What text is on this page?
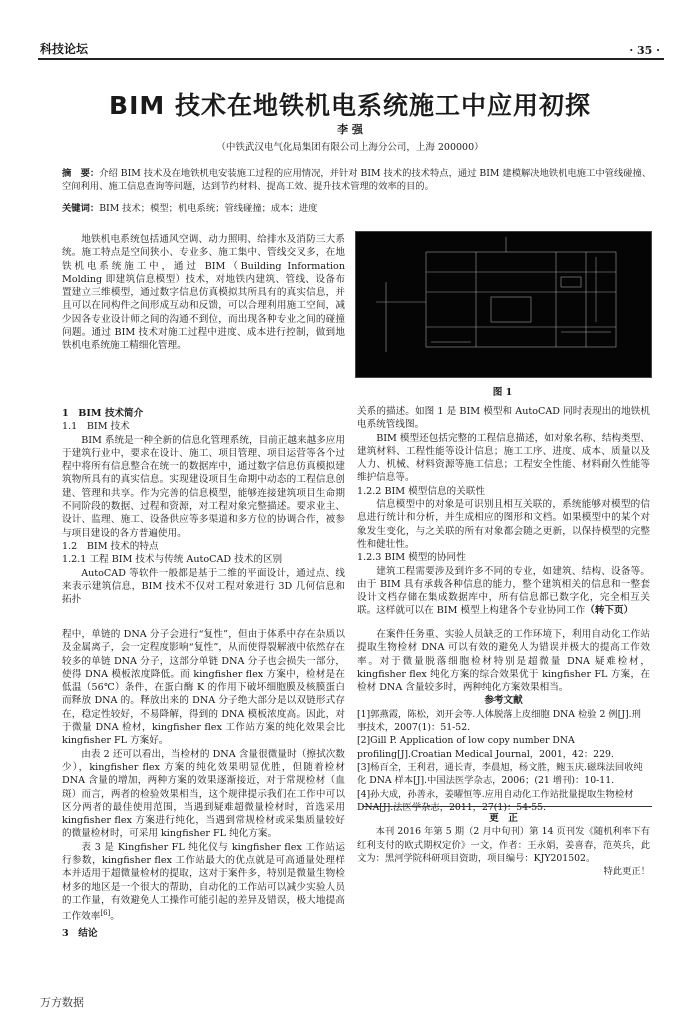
科技论坛	· 35 ·
BIM 技术在地铁机电系统施工中应用初探
李 强
（中铁武汉电气化局集团有限公司上海分公司，上海 200000）
摘　要：介绍 BIM 技术及在地铁机电安装施工过程的应用情况，并针对 BIM 技术的技术特点，通过 BIM 建模解决地铁机电施工中管线碰撞、空间利用、施工信息查询等问题，达到节约材料、提高工效、提升技术管理的效率的目的。
关键词：BIM 技术；模型；机电系统；管线碰撞；成本；进度

地铁机电系统包括通风空调、动力照明、给排水及消防三大系统。施工特点是空间狭小、专业多、施工集中、管线交叉多，在地铁机电系统施工中，通过 BIM（Building Information Molding 即建筑信息模型）技术，对地铁内建筑、管线、设备布置建立三维模型，通过数字信息仿真模拟其所具有的真实信息，并且可以在同构件之间形成互动和反馈，可以合理利用施工空间，减少因各专业设计师之间的沟通不到位，而出现各种专业之间的碰撞问题。通过 BIM 技术对施工过程中进度、成本进行控制，做到地铁机电系统施工精细化管理。

图 1

1　BIM 技术简介

1.1　BIM 技术

BIM 系统是一种全新的信息化管理系统，目前正越来越多应用于建筑行业中，要求在设计、施工、项目管理、项目运营等各个过程中将所有信息整合在统一的数据库中，通过数字信息仿真模拟建筑物所具有的真实信息。实现建设项目生命期中动态的工程信息创建、管理和共享。作为完善的信息模型，能够连接建筑项目生命期不同阶段的数据、过程和资源，对工程对象完整描述。要求业主、设计、监理、施工、设备供应等多渠道和多方位的协调合作，被参与项目建设的各方普遍使用。

1.2　BIM 技术的特点

1.2.1 工程 BIM 技术与传统 AutoCAD 技术的区别

AutoCAD 等软件一般都是基于二维的平面设计，通过点、线来表示建筑信息，BIM 技术不仅对工程对象进行 3D 几何信息和拓扑

关系的描述。如图 1 是 BIM 模型和 AutoCAD 同时表现出的地铁机电系统管线图。

BIM 模型还包括完整的工程信息描述，如对象名称、结构类型、建筑材料、工程性能等设计信息；施工工序、进度、成本、质量以及人力、机械、材料资源等施工信息；工程安全性能、材料耐久性能等维护信息等。

1.2.2 BIM 模型信息的关联性

信息模型中的对象是可识别且相互关联的，系统能够对模型的信息进行统计和分析，并生成相应的图形和文档。如果模型中的某个对象发生变化，与之关联的所有对象都会随之更新，以保持模型的完整性和健壮性。

1.2.3 BIM 模型的协同性

建筑工程需要涉及到许多不同的专业，如建筑、结构、设备等。由于 BIM 具有承载各种信息的能力，整个建筑相关的信息和一整套设计文档存储在集成数据库中，所有信息都已数字化，完全相互关联。这样就可以在 BIM 模型上构建各个专业协同工作（转下页）

程中，单链的 DNA 分子会进行“复性”，但由于体系中存在杂质以及金属离子，会一定程度影响“复性”，从而使得裂解液中依然存在较多的单链 DNA 分子，这部分单链 DNA 分子也会损失一部分，使得 DNA 模板浓度降低。而 kingfisher flex 方案中，检材是在低温（56℃）条件，在蛋白酶 K 的作用下破坏细胞膜及核膜蛋白而释放 DNA 的。释放出来的 DNA 分子绝大部分是以双链形式存在，稳定性较好，不易降解，得到的 DNA 模板浓度高。因此，对于微量 DNA 检材，kingfisher flex 工作站方案的纯化效果会比 kingfisher FL 方案好。

由表 2 还可以看出，当检材的 DNA 含量很微量时（擦拭次数少），kingfisher flex 方案的纯化效果明显优胜，但随着检材 DNA 含量的增加，两种方案的效果逐渐接近，对于常规检材（血斑）而言，两者的检验效果相当，这个规律提示我们在工作中可以区分两者的最佳使用范围，当遇到疑难超微量检材时，首选采用 kingfisher flex 方案进行纯化，当遇到常规检材或采集质量较好的微量检材时，可采用 kingfisher FL 纯化方案。

表 3 是 Kingfisher FL 纯化仪与 kingfisher flex 工作站运行参数，kingfisher flex 工作站最大的优点就是可高通量处理样本并适用于超微量检材的提取，这对于案件多，特别是微量生物检材多的地区是一个很大的帮助，自动化的工作站可以减少实验人员的工作量，有效避免人工操作可能引起的差异及错误，极大地提高工作效率[6]。

3　结论

在案件任务重、实验人员缺乏的工作环境下，利用自动化工作站提取生物检材 DNA 可以有效的避免人为错误并极大的提高工作效率。对于微量脱落细胞检材特别是超微量 DNA 疑难检材，kingfisher flex 纯化方案的综合效果优于 kingfisher FL 方案，在检材 DNA 含量较多时，两种纯化方案效果相当。

参考文献

[1]郭燕霞，陈松，刘开会等.人体脱落上皮细胞 DNA 检验 2 例[J].刑事技术，2007(1)：51-52.

[2]Gill P. Application of low copy number DNA profiling[J].Croatian Medical Journal，2001，42：229.

[3]杨百全，王利君，通长青，李晨旭，杨文胜，鲍玉庆.磁珠法回收纯化 DNA 样本[J].中国法医学杂志，2006；(21 增刊)：10-11.

[4]孙大成，孙善永，姜曜恒等.应用自动化工作站批量提取生物检材 DNA[J].法医学杂志，2011，27(1)：54-55.

更　正

本刊 2016 年第 5 期（2 月中旬刊）第 14 页刊发《随机利率下有红利支付的欧式期权定价》一文，作者：王永娟，姜喜春，范英兵，此文为：黑河学院科研项目资助，项目编号：KJY201502。

特此更正！

万方数据
